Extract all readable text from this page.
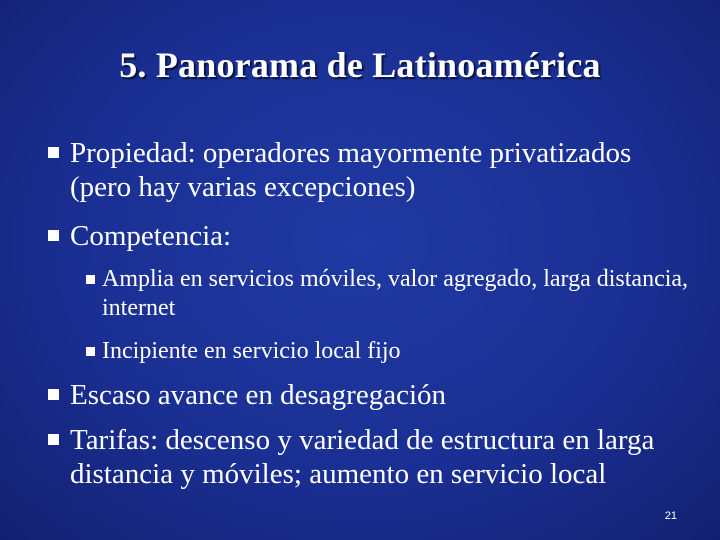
5. Panorama de Latinoamérica
Propiedad: operadores mayormente privatizados (pero hay varias excepciones)
Competencia:
Amplia en servicios móviles, valor agregado, larga distancia, internet
Incipiente en servicio local fijo
Escaso avance en desagregación
Tarifas: descenso y variedad de estructura en larga distancia y móviles; aumento en servicio local
21
